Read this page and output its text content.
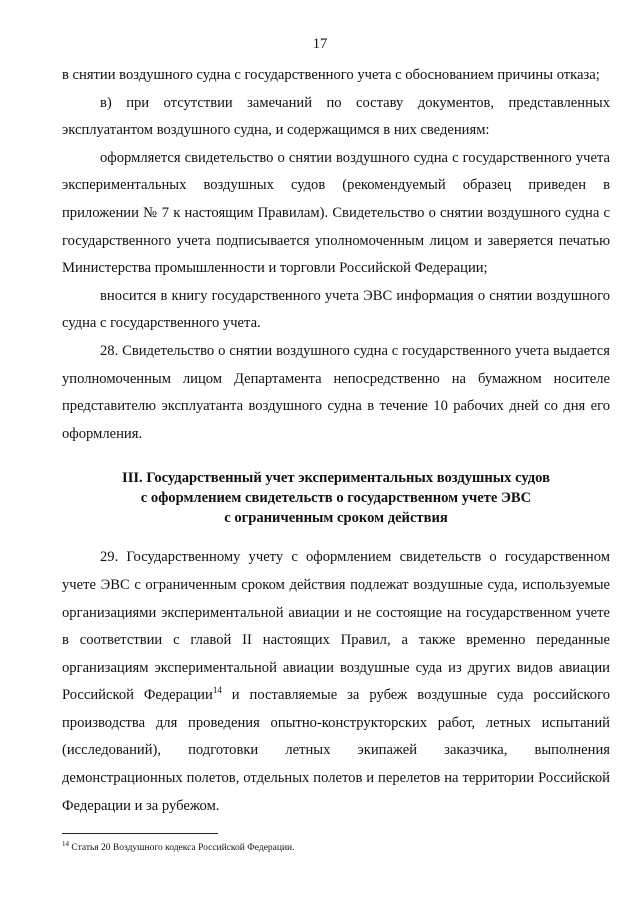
17

в снятии воздушного судна с государственного учета с обоснованием причины отказа;

в) при отсутствии замечаний по составу документов, представленных эксплуатантом воздушного судна, и содержащимся в них сведениям:

оформляется свидетельство о снятии воздушного судна с государственного учета экспериментальных воздушных судов (рекомендуемый образец приведен в приложении № 7 к настоящим Правилам). Свидетельство о снятии воздушного судна с государственного учета подписывается уполномоченным лицом и заверяется печатью Министерства промышленности и торговли Российской Федерации;

вносится в книгу государственного учета ЭВС информация о снятии воздушного судна с государственного учета.

28. Свидетельство о снятии воздушного судна с государственного учета выдается уполномоченным лицом Департамента непосредственно на бумажном носителе представителю эксплуатанта воздушного судна в течение 10 рабочих дней со дня его оформления.

III. Государственный учет экспериментальных воздушных судов
с оформлением свидетельств о государственном учете ЭВС
с ограниченным сроком действия

29. Государственному учету с оформлением свидетельств о государственном учете ЭВС с ограниченным сроком действия подлежат воздушные суда, используемые организациями экспериментальной авиации и не состоящие на государственном учете в соответствии с главой II настоящих Правил, а также временно переданные организациям экспериментальной авиации воздушные суда из других видов авиации Российской Федерации$^{14}$ и поставляемые за рубеж воздушные суда российского производства для проведения опытно-конструкторских работ, летных испытаний (исследований), подготовки летных экипажей заказчика, выполнения демонстрационных полетов, отдельных полетов и перелетов на территории Российской Федерации и за рубежом.

$^{14}$ Статья 20 Воздушного кодекса Российской Федерации.
